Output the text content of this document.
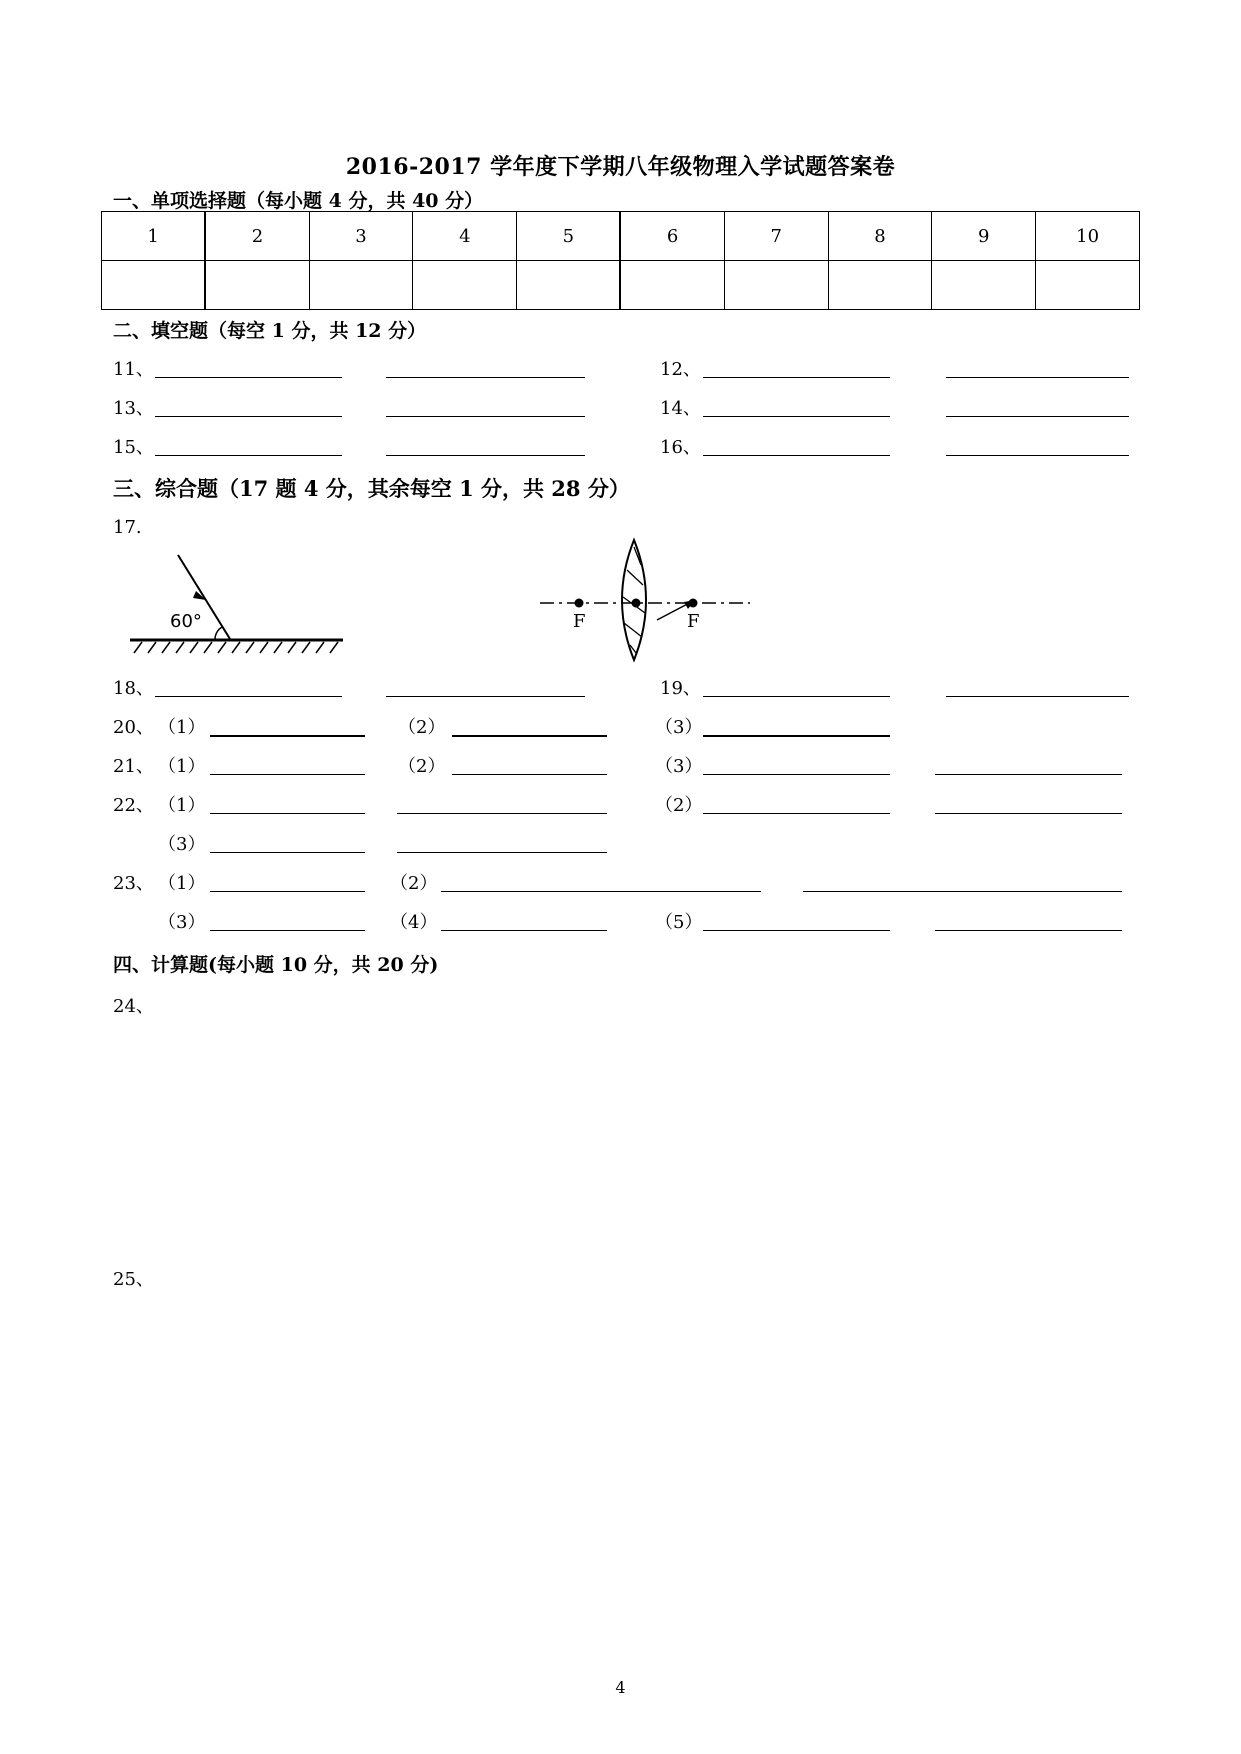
2016-2017 学年度下学期八年级物理入学试题答案卷
一、单项选择题（每小题 4 分，共 40 分）
1	2	3	4	5	6	7	8	9	10

二、填空题（每空 1 分，共 12 分）
11、	12、
13、	14、
15、	16、
三、综合题（17 题 4 分，其余每空 1 分，共 28 分）
17.
60°	F	F
18、	19、
20、 （1）	（2）	（3）
21、 （1）	（2）	（3）
22、 （1）	（2）
（3）
23、 （1）	（2）
（3）	（4）	（5）
四、计算题(每小题 10 分，共 20 分)
24、
25、
4
